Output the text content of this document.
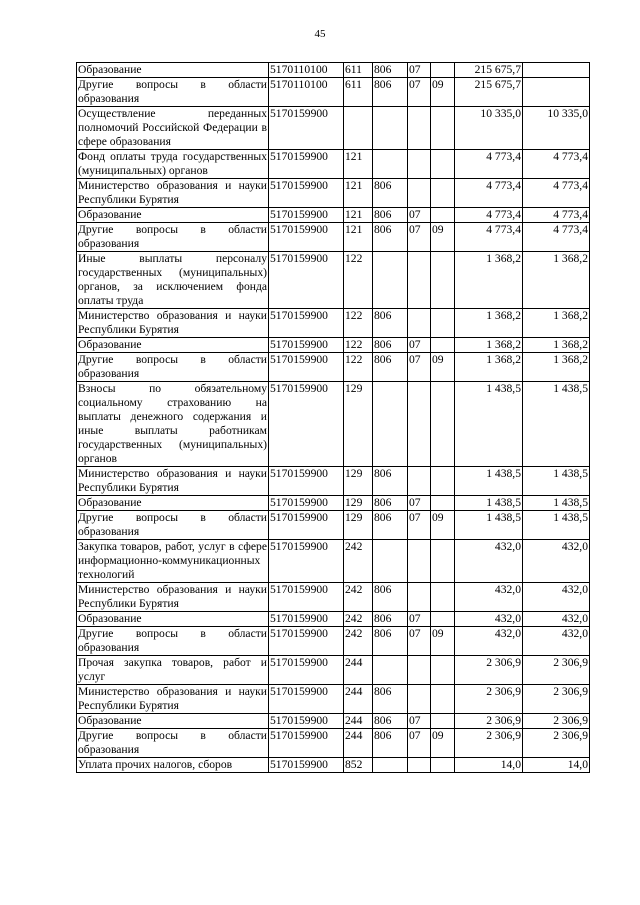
45
Образование	5170110100	611	806	07		215 675,7	
Другие вопросы в области образования	5170110100	611	806	07	09	215 675,7	
Осуществление переданных полномочий Российской Федерации в сфере образования	5170159900					10 335,0	10 335,0
Фонд оплаты труда государственных (муниципальных) органов	5170159900	121				4 773,4	4 773,4
Министерство образования и науки Республики Бурятия	5170159900	121	806			4 773,4	4 773,4
Образование	5170159900	121	806	07		4 773,4	4 773,4
Другие вопросы в области образования	5170159900	121	806	07	09	4 773,4	4 773,4
Иные выплаты персоналу государственных (муниципальных) органов, за исключением фонда оплаты труда	5170159900	122				1 368,2	1 368,2
Министерство образования и науки Республики Бурятия	5170159900	122	806			1 368,2	1 368,2
Образование	5170159900	122	806	07		1 368,2	1 368,2
Другие вопросы в области образования	5170159900	122	806	07	09	1 368,2	1 368,2
Взносы по обязательному социальному страхованию на выплаты денежного содержания и иные выплаты работникам государственных (муниципальных) органов	5170159900	129				1 438,5	1 438,5
Министерство образования и науки Республики Бурятия	5170159900	129	806			1 438,5	1 438,5
Образование	5170159900	129	806	07		1 438,5	1 438,5
Другие вопросы в области образования	5170159900	129	806	07	09	1 438,5	1 438,5
Закупка товаров, работ, услуг в сфере информационно-коммуникационных технологий	5170159900	242				432,0	432,0
Министерство образования и науки Республики Бурятия	5170159900	242	806			432,0	432,0
Образование	5170159900	242	806	07		432,0	432,0
Другие вопросы в области образования	5170159900	242	806	07	09	432,0	432,0
Прочая закупка товаров, работ и услуг	5170159900	244				2 306,9	2 306,9
Министерство образования и науки Республики Бурятия	5170159900	244	806			2 306,9	2 306,9
Образование	5170159900	244	806	07		2 306,9	2 306,9
Другие вопросы в области образования	5170159900	244	806	07	09	2 306,9	2 306,9
Уплата прочих налогов, сборов	5170159900	852				14,0	14,0
